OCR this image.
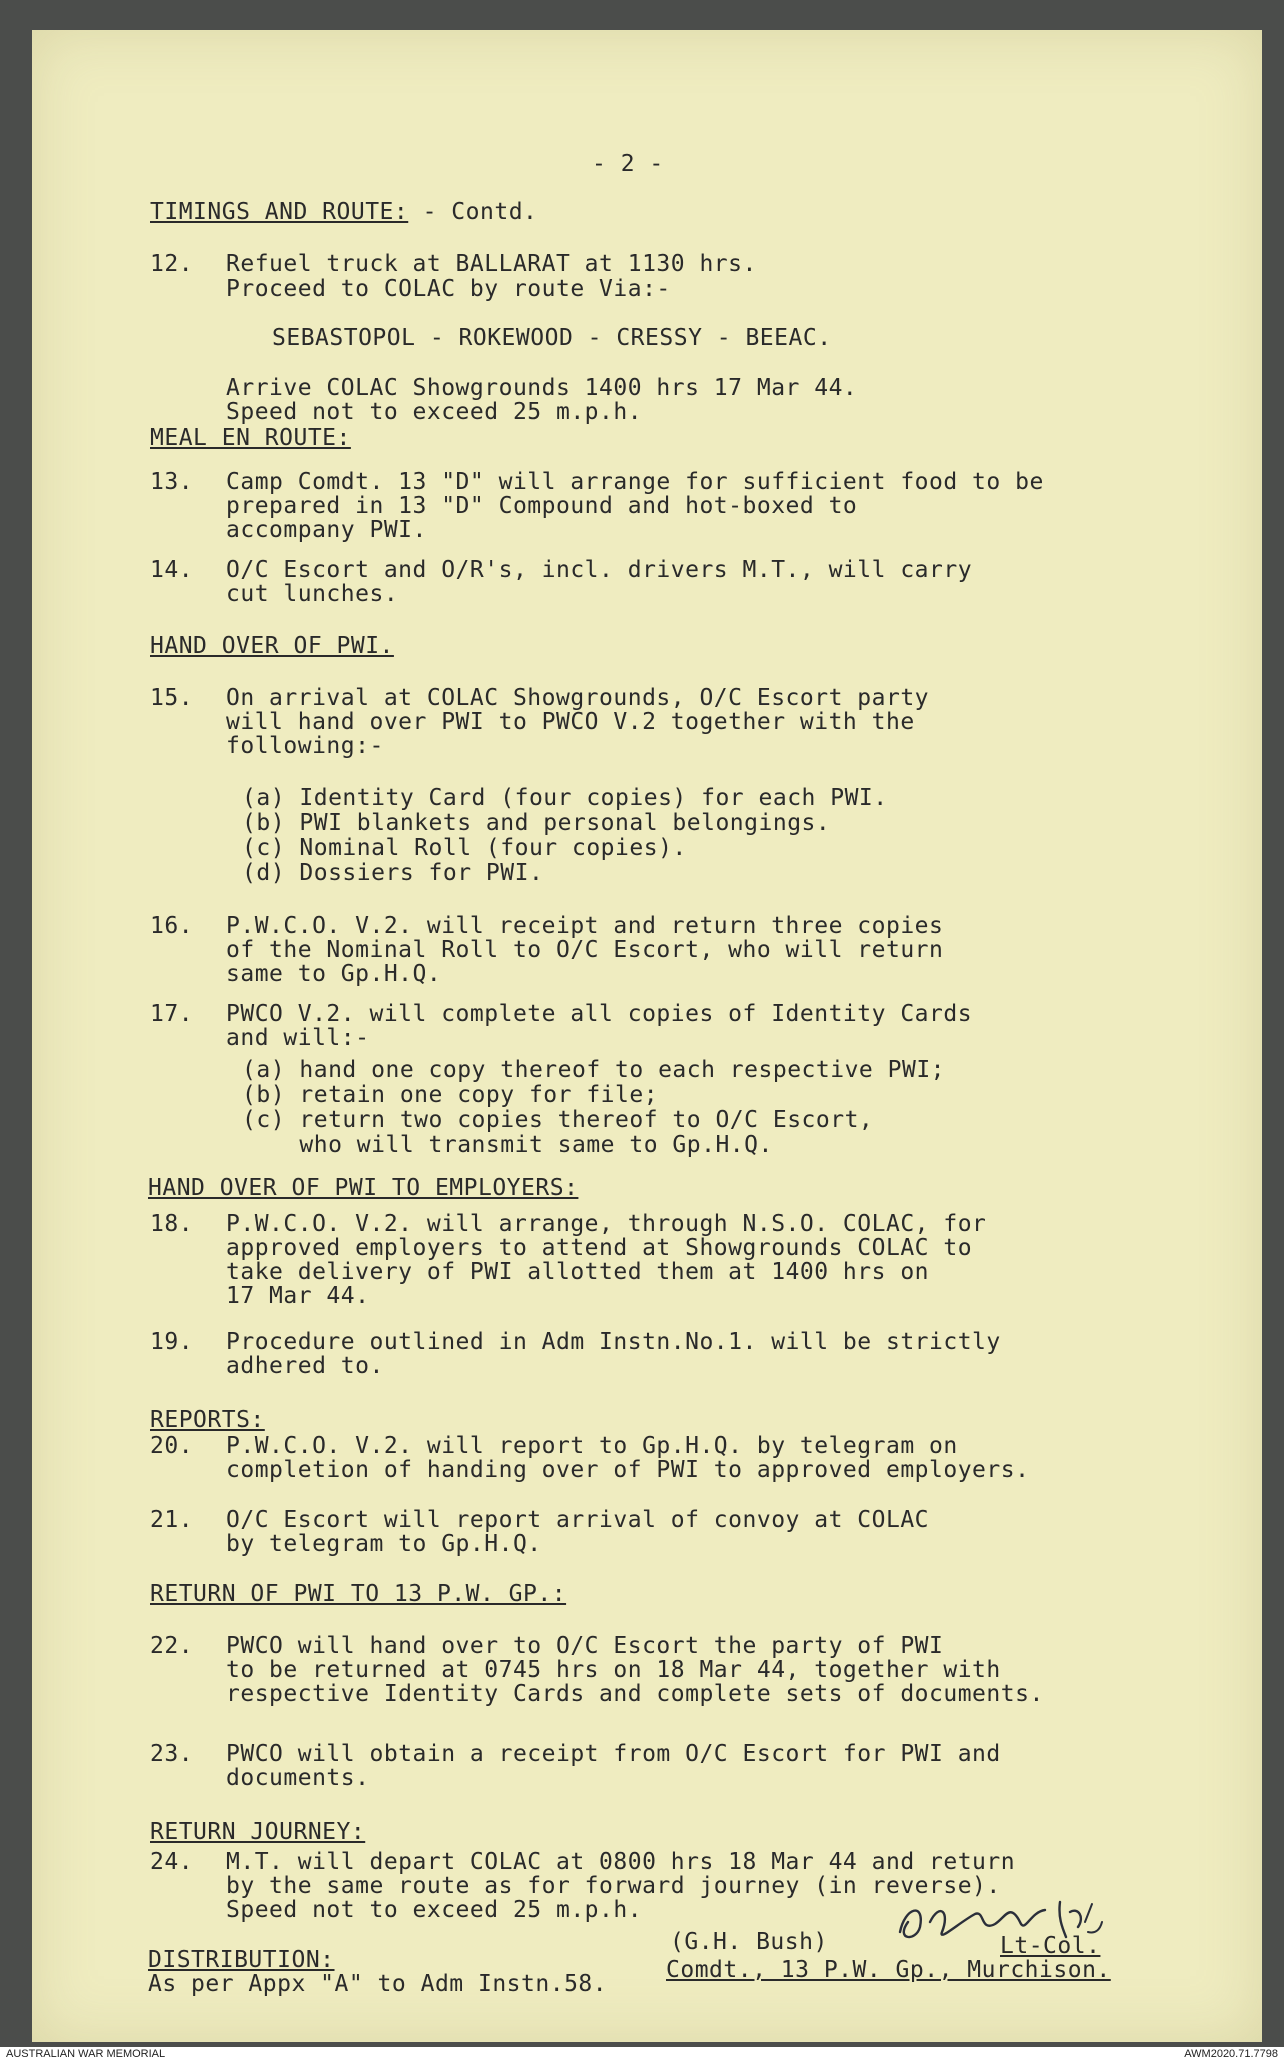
- 2 -
TIMINGS AND ROUTE: - Contd.
12. Refuel truck at BALLARAT at 1130 hrs.
Proceed to COLAC by route Via:-
SEBASTOPOL - ROKEWOOD - CRESSY - BEEAC.
Arrive COLAC Showgrounds 1400 hrs 17 Mar 44.
Speed not to exceed 25 m.p.h.
MEAL EN ROUTE:
13. Camp Comdt. 13 "D" will arrange for sufficient food to be
prepared in 13 "D" Compound and hot-boxed to
accompany PWI.
14. O/C Escort and O/R's, incl. drivers M.T., will carry
cut lunches.
HAND OVER OF PWI.
15. On arrival at COLAC Showgrounds, O/C Escort party
will hand over PWI to PWCO V.2 together with the
following:-
(a) Identity Card (four copies) for each PWI.
(b) PWI blankets and personal belongings.
(c) Nominal Roll (four copies).
(d) Dossiers for PWI.
16. P.W.C.O. V.2. will receipt and return three copies
of the Nominal Roll to O/C Escort, who will return
same to Gp.H.Q.
17. PWCO V.2. will complete all copies of Identity Cards
and will:-
(a) hand one copy thereof to each respective PWI;
(b) retain one copy for file;
(c) return two copies thereof to O/C Escort,
who will transmit same to Gp.H.Q.
HAND OVER OF PWI TO EMPLOYERS:
18. P.W.C.O. V.2. will arrange, through N.S.O. COLAC, for
approved employers to attend at Showgrounds COLAC to
take delivery of PWI allotted them at 1400 hrs on
17 Mar 44.
19. Procedure outlined in Adm Instn.No.1. will be strictly
adhered to.
REPORTS:
20. P.W.C.O. V.2. will report to Gp.H.Q. by telegram on
completion of handing over of PWI to approved employers.
21. O/C Escort will report arrival of convoy at COLAC
by telegram to Gp.H.Q.
RETURN OF PWI TO 13 P.W. GP.:
22. PWCO will hand over to O/C Escort the party of PWI
to be returned at 0745 hrs on 18 Mar 44, together with
respective Identity Cards and complete sets of documents.
23. PWCO will obtain a receipt from O/C Escort for PWI and
documents.
RETURN JOURNEY:
24. M.T. will depart COLAC at 0800 hrs 18 Mar 44 and return
by the same route as for forward journey (in reverse).
Speed not to exceed 25 m.p.h.
(G.H. Bush)	Lt-Col.
Comdt., 13 P.W. Gp., Murchison.
DISTRIBUTION:
As per Appx "A" to Adm Instn.58.
AUSTRALIAN WAR MEMORIAL	AWM2020.71.7798
